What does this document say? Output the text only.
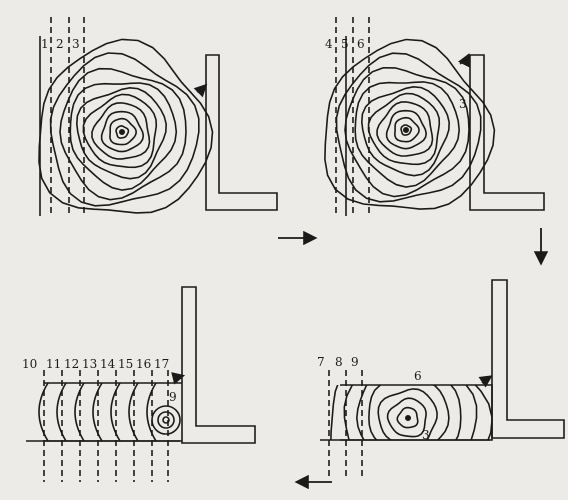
1 2 3	4 5 6
3
7 8 9
6
3
10 11 12 13 14 15 16 17
9
